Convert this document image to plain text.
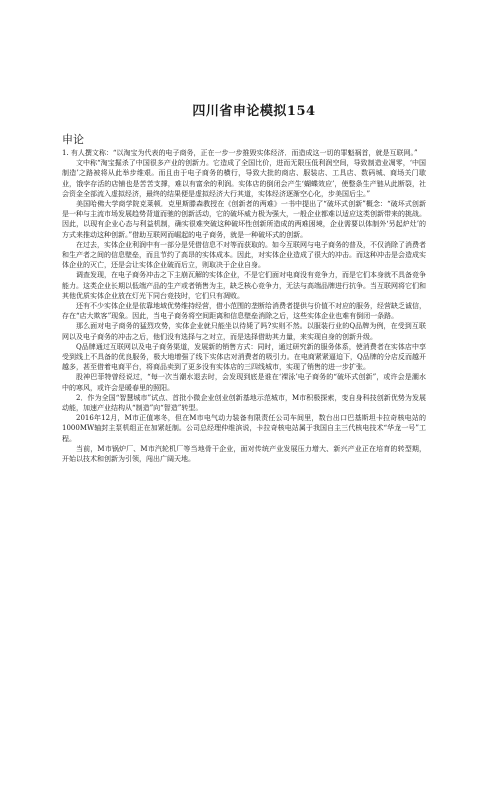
四川省申论模拟154
申论

1. 有人撰文称：“以淘宝为代表的电子商务，正在一步一步推毁实体经济．而造成这一切的罪魁祸首，就是互联网。”

文中称“淘宝掘杀了中国很多产业的创新力。它造成了全国比价，进而无限压低利润空间，导致制造业凋零，‘中国制造’之路被将从此举步维艰。而且由于电子商务的横行，导致大批的商店、服装店、工具店、数码城、商场关门歇业，饿孛存活的店铺也是苦苦支撑，难以有富余的利润。实体店的倒闭会产生‘蝴蝶效应’，使整条生产链从此断裂，社会资金全部流入虚拟经济，最终的结果便是虚拟经济大行其道，实体经济逐渐空心化，步美国后尘。”

美国哈佛大学商学院克莱顿．克里斯滕森教授在《创新者的两难》一书中提出了“破坏式创新”概念：“破坏式创新是一种与主流市场发展趋势背道而驰的创新活动，它的破坏威力极为强大，一般企业都难以适应这类创新带来的挑战。因此，以现有企业心态与利益机制，确实很难突破这种破坏性创新所造成的两难困境，企业需要以体制外‘另起炉灶’的方式来推动这种创新。”借助互联网而崛起的电子商务，就是一种破坏式的创新。

在过去，实体企业利润中有一部分是凭借信息不对等而获取的。如今互联网与电子商务的普及，不仅消除了消费者和生产者之间的信息壁垒，而且节约了高昂的实体成本。因此，对实体企业造成了很大的冲击。而这种冲击是会造成实体企业的灭亡，还是会让实体企业破而后立，则取决于企业自身。

调查发现，在电子商务冲击之下主崩瓦解的实体企业，不是它们面对电商没有竞争力，而是它们本身就不具备竞争能力。这类企业长期以低端产品的生产或者销售为主，缺乏核心竞争力，无法与高端品牌进行抗争。当互联网将它们和其他优质实体企业放在灯光下同台竞技时，它们只有凋败。

还有不少实体企业是依靠地域优势维持经营，借小范围的垄断给消费者提供与价值不对应的服务，经营缺乏诚信，存在“店大欺客”现象。因此，当电子商务将空间距离和信息壁垒消除之后，这些实体企业也难有倒闭一条路。

那么面对电子商务的猛烈攻势，实体企业就只能坐以待毙了吗?实则不然。以服装行业的Q品牌为例，在受到互联网以及电子商务的冲击之后，他们没有选择与之对立，而是选择借助其力量，来实现自身的创新升级。

Q品牌通过互联网以及电子商务渠道，发展新的销售方式：同时，通过研究新的服务体系，使消费者在实体店中享受到线上不具备的优良服务，极大地增强了线下实体店对消费者的吸引力。在电商紧紧逼迫下，Q品牌的分店反而越开越多，甚至借着电商平台，将商品卖到了更多没有实体店的三四线城市，实现了销售的进一步扩张。

股神巴菲特曾经说过，“每一次当潮水退去时，会发现到底是谁在‘裸泳’电子商务的“破坏式创新”，或许会是潮水中的寒风，或许会是暖春里的照阳。

2．作为全国“智慧城市”试点、首批小微企业创业创新基地示范城市，M市积极探索，变自身科技创新优势为发展动能，加速产业结构从“制造”向“智造”转型。

2016年12月，M市正值寒冬，但在M市电气动力装备有限责任公司车间里，数台出口巴基斯坦卡拉奇核电站的1000MW轴封主泵机组正在加紧赶制。公司总经理仲维滨说，卡拉奇核电站属于我国自主三代核电技术“华龙一号”工程。

当前，M市锅炉厂、M市汽轮机厂等当地骨干企业，面对传统产业发展压力增大、新兴产业正在培育的转型期，开始以技术和创新为引领，闯出广阔天地。
